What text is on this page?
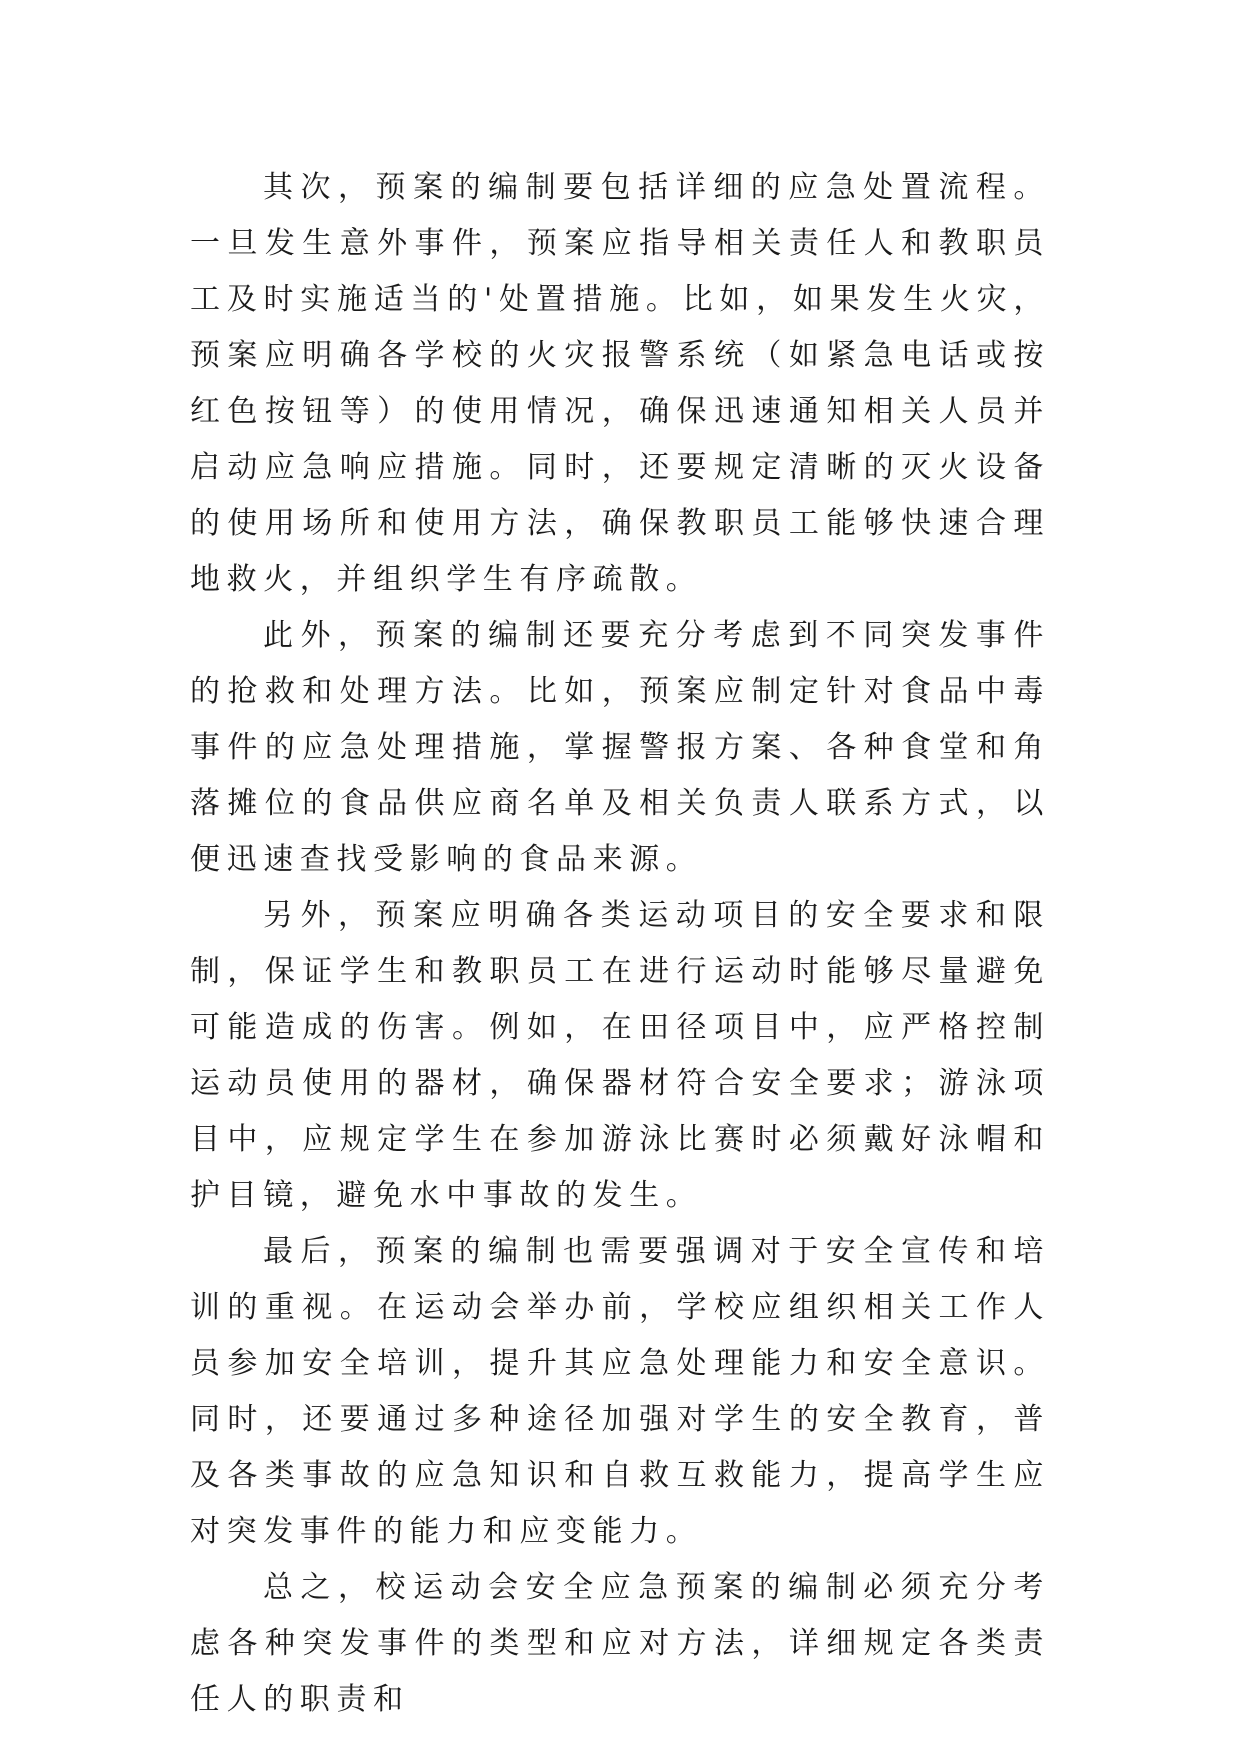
其次，预案的编制要包括详细的应急处置流程。一旦发生意外事件，预案应指导相关责任人和教职员工及时实施适当的'处置措施。比如，如果发生火灾，预案应明确各学校的火灾报警系统（如紧急电话或按红色按钮等）的使用情况，确保迅速通知相关人员并启动应急响应措施。同时，还要规定清晰的灭火设备的使用场所和使用方法，确保教职员工能够快速合理地救火，并组织学生有序疏散。

此外，预案的编制还要充分考虑到不同突发事件的抢救和处理方法。比如，预案应制定针对食品中毒事件的应急处理措施，掌握警报方案、各种食堂和角落摊位的食品供应商名单及相关负责人联系方式，以便迅速查找受影响的食品来源。

另外，预案应明确各类运动项目的安全要求和限制，保证学生和教职员工在进行运动时能够尽量避免可能造成的伤害。例如，在田径项目中，应严格控制运动员使用的器材，确保器材符合安全要求；游泳项目中，应规定学生在参加游泳比赛时必须戴好泳帽和护目镜，避免水中事故的发生。

最后，预案的编制也需要强调对于安全宣传和培训的重视。在运动会举办前，学校应组织相关工作人员参加安全培训，提升其应急处理能力和安全意识。同时，还要通过多种途径加强对学生的安全教育，普及各类事故的应急知识和自救互救能力，提高学生应对突发事件的能力和应变能力。

总之，校运动会安全应急预案的编制必须充分考虑各种突发事件的类型和应对方法，详细规定各类责任人的职责和
